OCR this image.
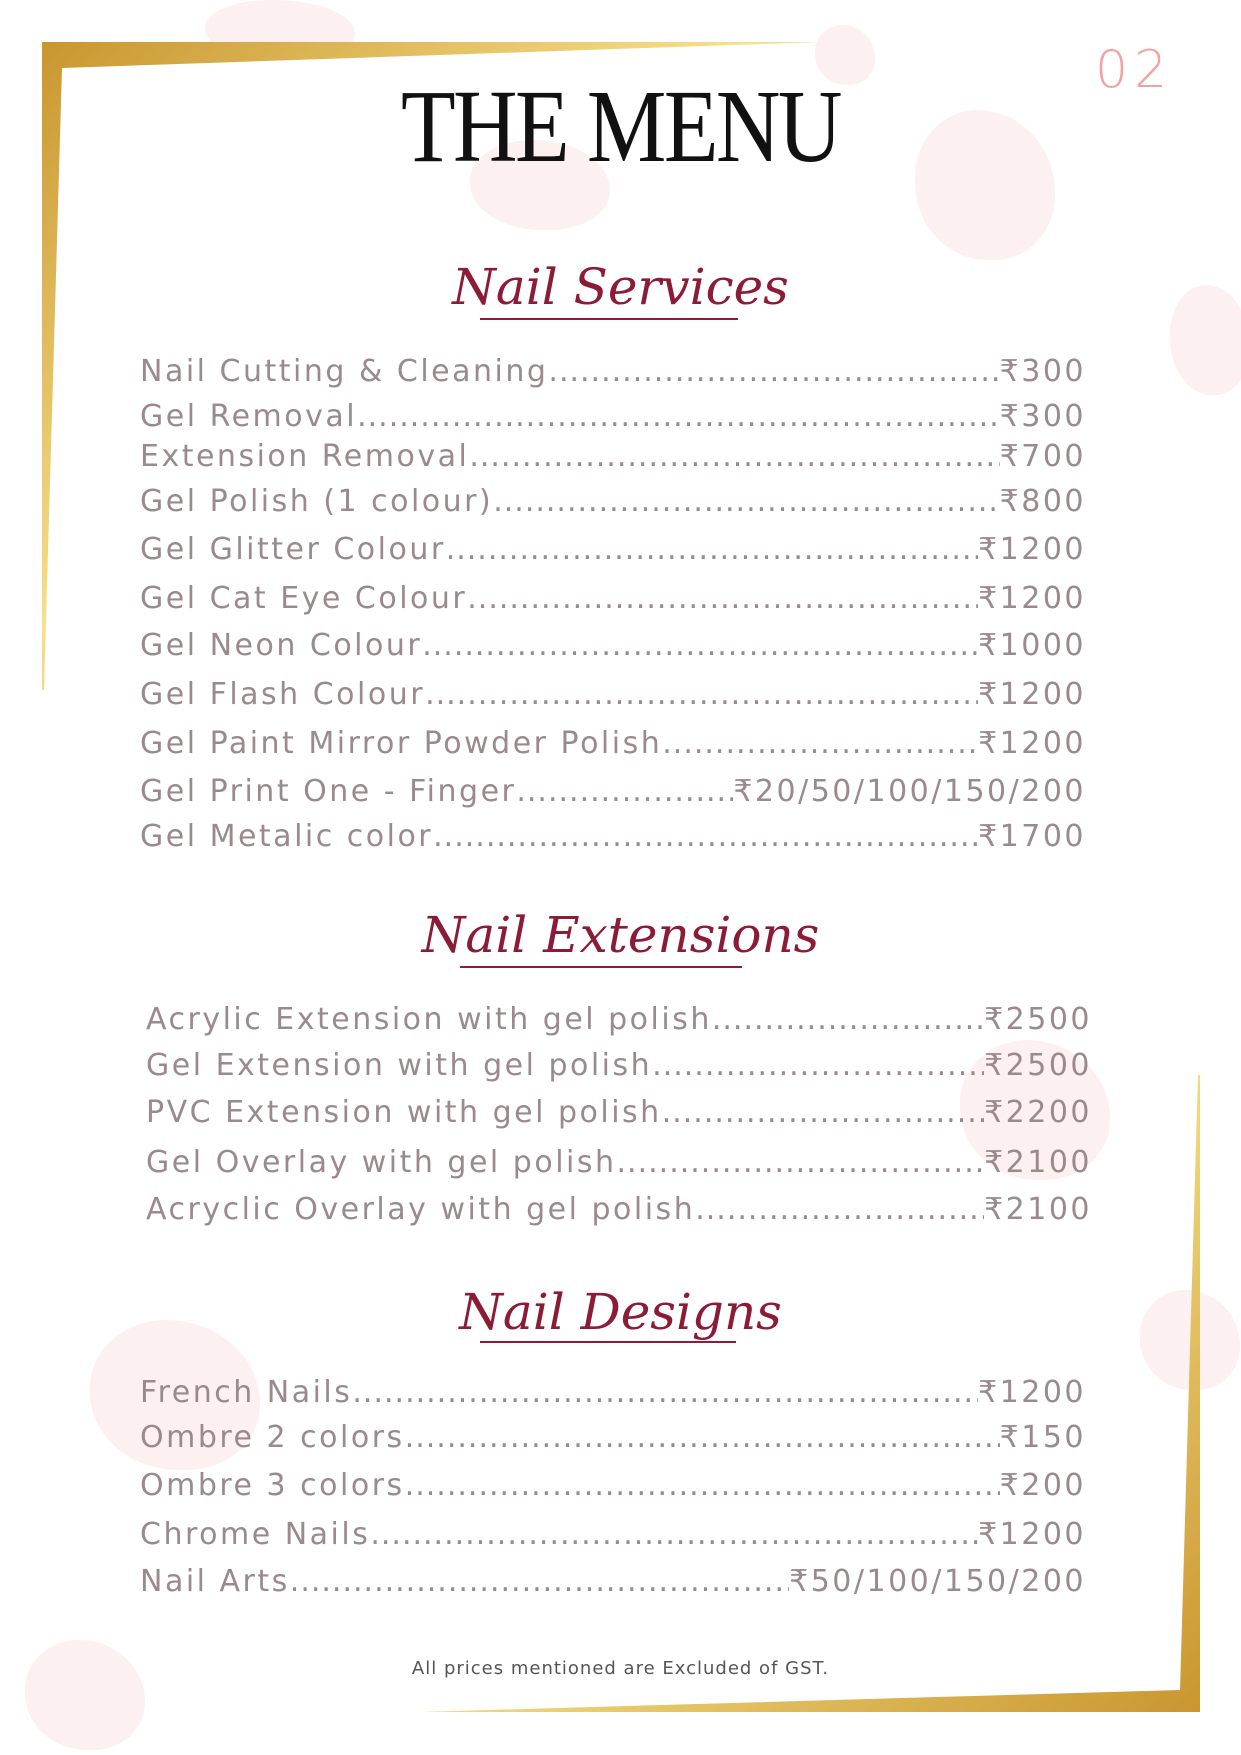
02
THE MENU
Nail Services
Nail Cutting & Cleaning .....	₹300
Gel Removal .....	₹300
Extension Removal .....	₹700
Gel Polish (1 colour) .....	₹800
Gel Glitter Colour .....	₹1200
Gel Cat Eye Colour .....	₹1200
Gel Neon Colour .....	₹1000
Gel Flash Colour .....	₹1200
Gel Paint Mirror Powder Polish .....	₹1200
Gel Print One - Finger .....	₹20/50/100/150/200
Gel Metalic color .....	₹1700
Nail Extensions
Acrylic Extension with gel polish .....	₹2500
Gel Extension with gel polish .....	₹2500
PVC Extension with gel polish .....	₹2200
Gel Overlay with gel polish .....	₹2100
Acryclic Overlay with gel polish .....	₹2100
Nail Designs
French Nails .....	₹1200
Ombre 2 colors .....	₹150
Ombre 3 colors .....	₹200
Chrome Nails .....	₹1200
Nail Arts .....	₹50/100/150/200
All prices mentioned are Excluded of GST.
